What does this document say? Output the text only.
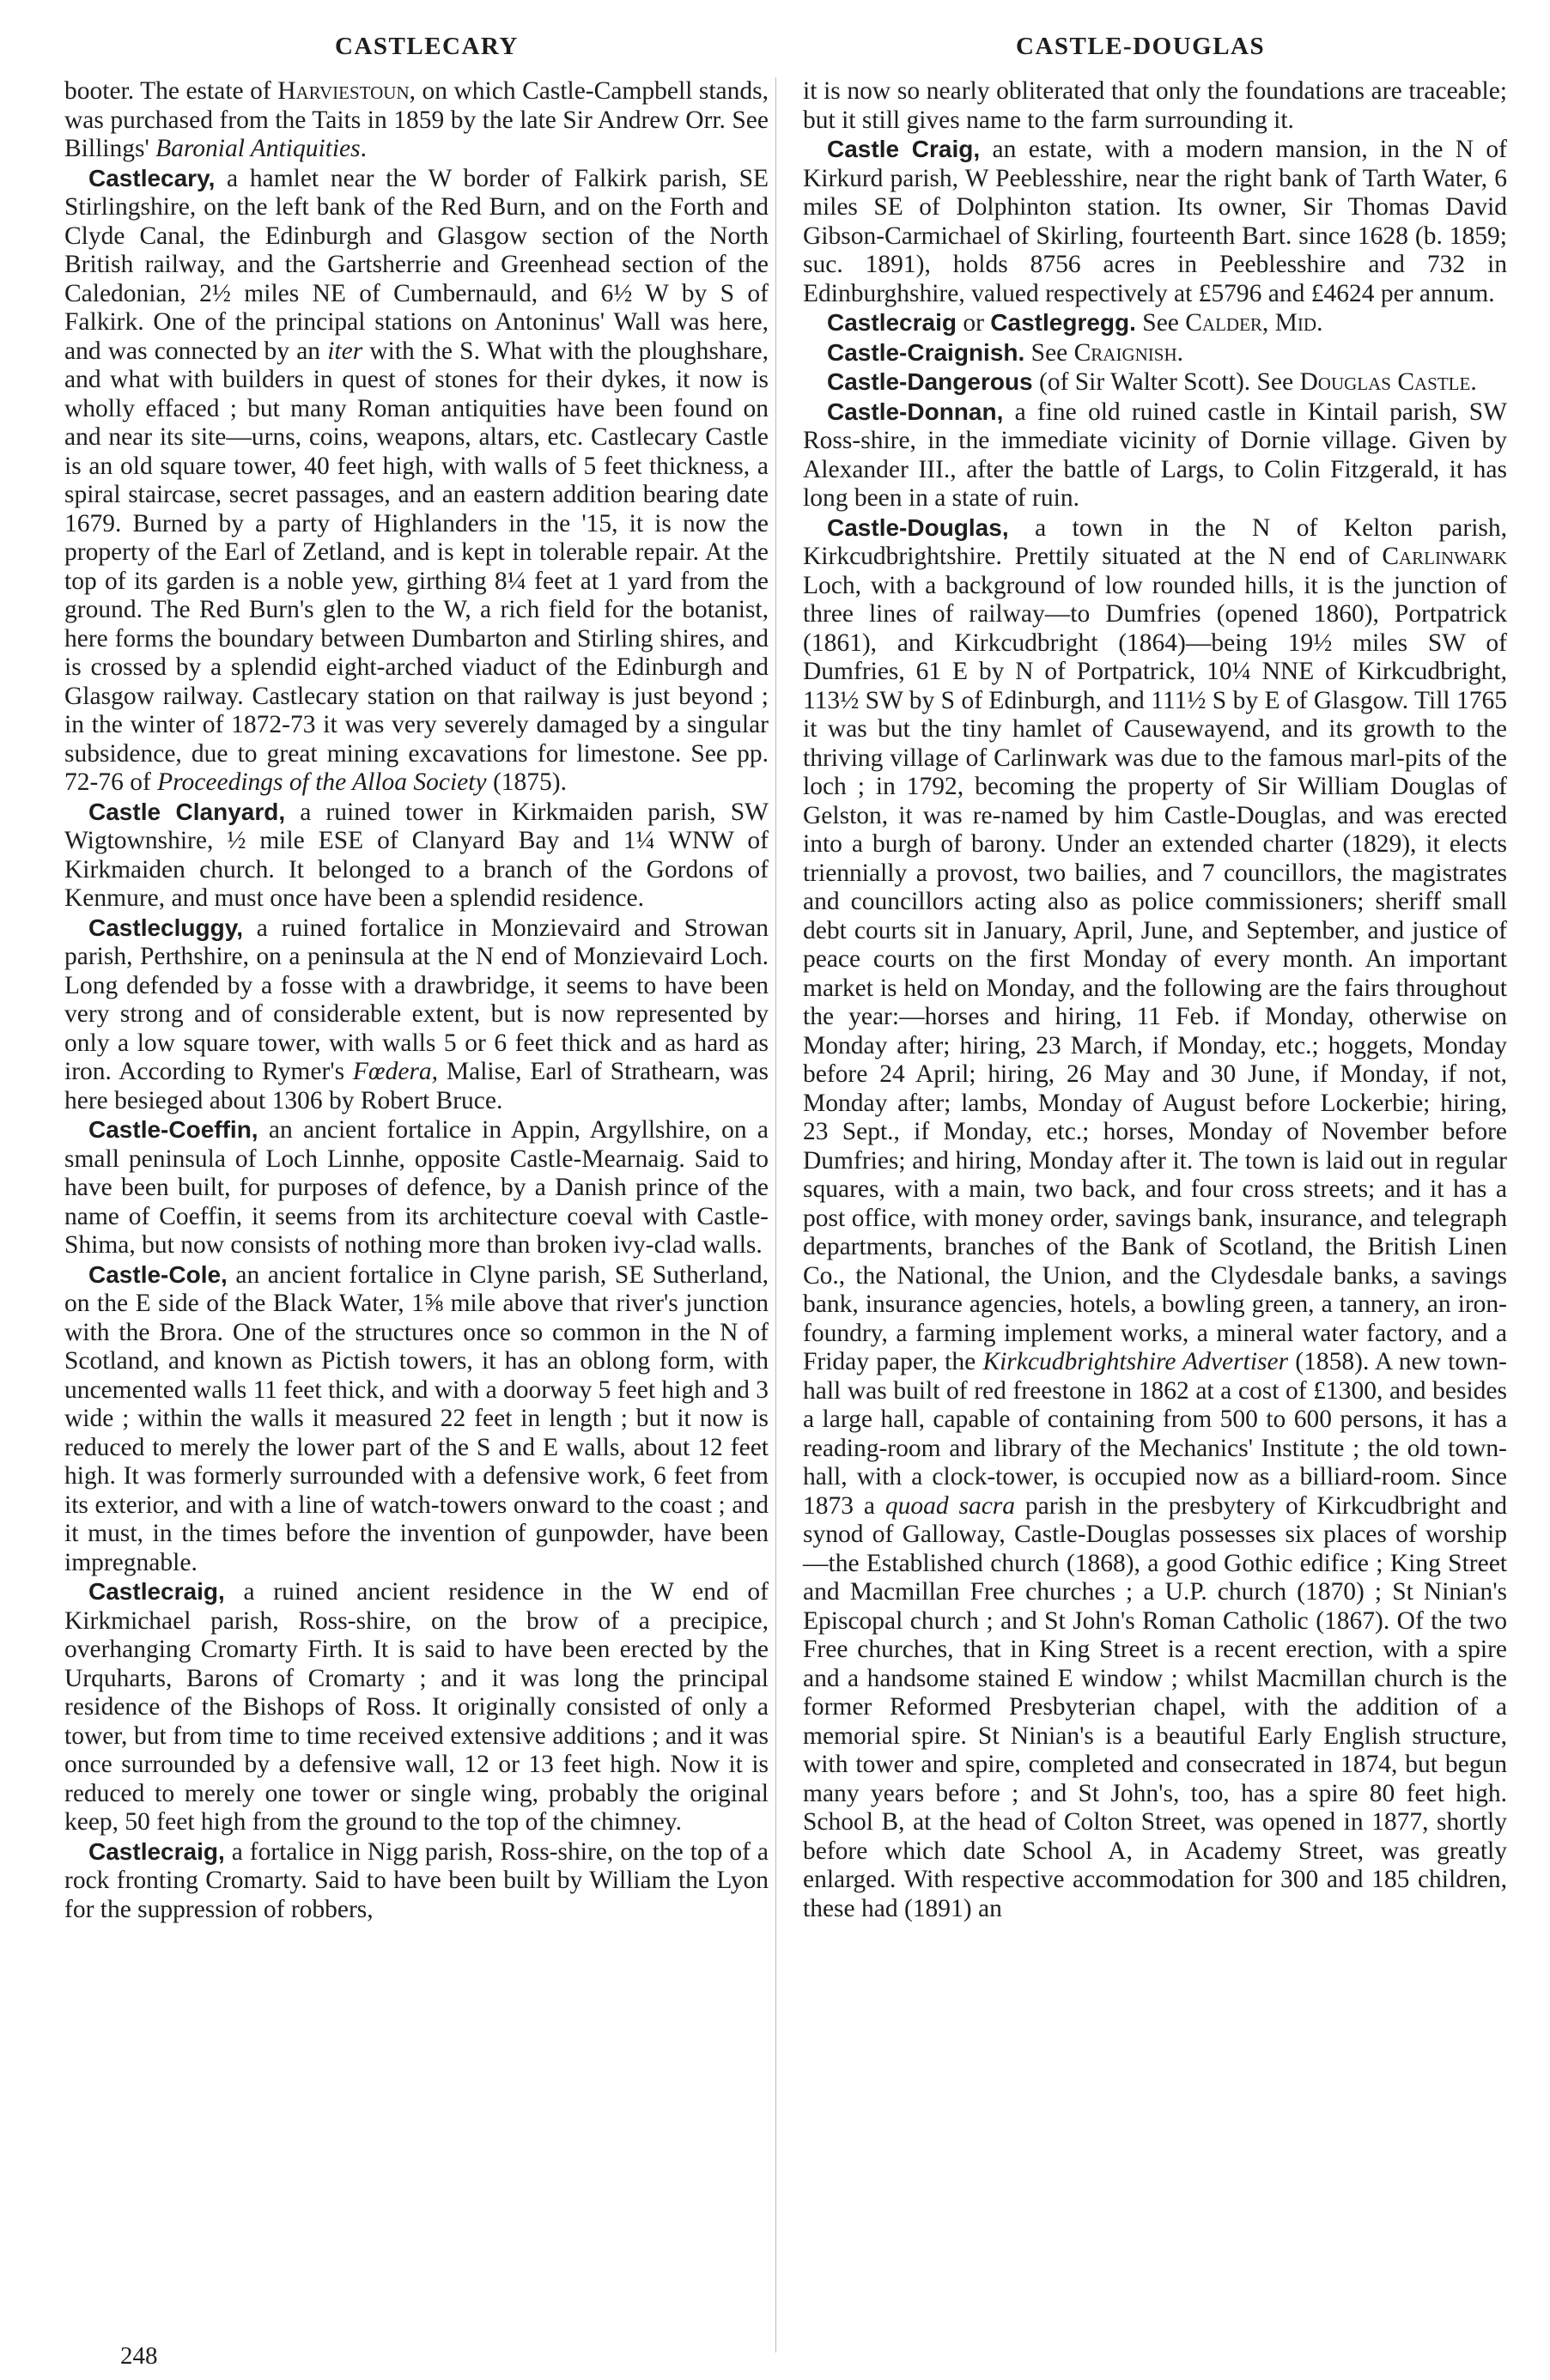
CASTLECARY	CASTLE-DOUGLAS

booter. The estate of Harviestoun, on which Castle-Campbell stands, was purchased from the Taits in 1859 by the late Sir Andrew Orr. See Billings' Baronial Antiquities.

Castlecary, a hamlet near the W border of Falkirk parish, SE Stirlingshire, on the left bank of the Red Burn, and on the Forth and Clyde Canal, the Edinburgh and Glasgow section of the North British railway, and the Gartsherrie and Greenhead section of the Caledonian, 2½ miles NE of Cumbernauld, and 6½ W by S of Falkirk. One of the principal stations on Antoninus' Wall was here, and was connected by an iter with the S. What with the ploughshare, and what with builders in quest of stones for their dykes, it now is wholly effaced ; but many Roman antiquities have been found on and near its site—urns, coins, weapons, altars, etc. Castlecary Castle is an old square tower, 40 feet high, with walls of 5 feet thickness, a spiral staircase, secret passages, and an eastern addition bearing date 1679. Burned by a party of Highlanders in the '15, it is now the property of the Earl of Zetland, and is kept in tolerable repair. At the top of its garden is a noble yew, girthing 8¼ feet at 1 yard from the ground. The Red Burn's glen to the W, a rich field for the botanist, here forms the boundary between Dumbarton and Stirling shires, and is crossed by a splendid eight-arched viaduct of the Edinburgh and Glasgow railway. Castlecary station on that railway is just beyond ; in the winter of 1872-73 it was very severely damaged by a singular subsidence, due to great mining excavations for limestone. See pp. 72-76 of Proceedings of the Alloa Society (1875).

Castle Clanyard, a ruined tower in Kirkmaiden parish, SW Wigtownshire, ½ mile ESE of Clanyard Bay and 1¼ WNW of Kirkmaiden church. It belonged to a branch of the Gordons of Kenmure, and must once have been a splendid residence.

Castlecluggy, a ruined fortalice in Monzievaird and Strowan parish, Perthshire, on a peninsula at the N end of Monzievaird Loch. Long defended by a fosse with a drawbridge, it seems to have been very strong and of considerable extent, but is now represented by only a low square tower, with walls 5 or 6 feet thick and as hard as iron. According to Rymer's Fœdera, Malise, Earl of Strathearn, was here besieged about 1306 by Robert Bruce.

Castle-Coeffin, an ancient fortalice in Appin, Argyllshire, on a small peninsula of Loch Linnhe, opposite Castle-Mearnaig. Said to have been built, for purposes of defence, by a Danish prince of the name of Coeffin, it seems from its architecture coeval with Castle-Shima, but now consists of nothing more than broken ivy-clad walls.

Castle-Cole, an ancient fortalice in Clyne parish, SE Sutherland, on the E side of the Black Water, 1⅝ mile above that river's junction with the Brora. One of the structures once so common in the N of Scotland, and known as Pictish towers, it has an oblong form, with uncemented walls 11 feet thick, and with a doorway 5 feet high and 3 wide ; within the walls it measured 22 feet in length ; but it now is reduced to merely the lower part of the S and E walls, about 12 feet high. It was formerly surrounded with a defensive work, 6 feet from its exterior, and with a line of watch-towers onward to the coast ; and it must, in the times before the invention of gunpowder, have been impregnable.

Castlecraig, a ruined ancient residence in the W end of Kirkmichael parish, Ross-shire, on the brow of a precipice, overhanging Cromarty Firth. It is said to have been erected by the Urquharts, Barons of Cromarty ; and it was long the principal residence of the Bishops of Ross. It originally consisted of only a tower, but from time to time received extensive additions ; and it was once surrounded by a defensive wall, 12 or 13 feet high. Now it is reduced to merely one tower or single wing, probably the original keep, 50 feet high from the ground to the top of the chimney.

Castlecraig, a fortalice in Nigg parish, Ross-shire, on the top of a rock fronting Cromarty. Said to have been built by William the Lyon for the suppression of robbers,

it is now so nearly obliterated that only the foundations are traceable; but it still gives name to the farm surrounding it.

Castle Craig, an estate, with a modern mansion, in the N of Kirkurd parish, W Peeblesshire, near the right bank of Tarth Water, 6 miles SE of Dolphinton station. Its owner, Sir Thomas David Gibson-Carmichael of Skirling, fourteenth Bart. since 1628 (b. 1859; suc. 1891), holds 8756 acres in Peeblesshire and 732 in Edinburghshire, valued respectively at £5796 and £4624 per annum.

Castlecraig or Castlegregg. See Calder, Mid.

Castle-Craignish. See Craignish.

Castle-Dangerous (of Sir Walter Scott). See Douglas Castle.

Castle-Donnan, a fine old ruined castle in Kintail parish, SW Ross-shire, in the immediate vicinity of Dornie village. Given by Alexander III., after the battle of Largs, to Colin Fitzgerald, it has long been in a state of ruin.

Castle-Douglas, a town in the N of Kelton parish, Kirkcudbrightshire. Prettily situated at the N end of Carlinwark Loch, with a background of low rounded hills, it is the junction of three lines of railway—to Dumfries (opened 1860), Portpatrick (1861), and Kirkcudbright (1864)—being 19½ miles SW of Dumfries, 61 E by N of Portpatrick, 10¼ NNE of Kirkcudbright, 113½ SW by S of Edinburgh, and 111½ S by E of Glasgow. Till 1765 it was but the tiny hamlet of Causewayend, and its growth to the thriving village of Carlinwark was due to the famous marl-pits of the loch ; in 1792, becoming the property of Sir William Douglas of Gelston, it was re-named by him Castle-Douglas, and was erected into a burgh of barony. Under an extended charter (1829), it elects triennially a provost, two bailies, and 7 councillors, the magistrates and councillors acting also as police commissioners; sheriff small debt courts sit in January, April, June, and September, and justice of peace courts on the first Monday of every month. An important market is held on Monday, and the following are the fairs throughout the year:—horses and hiring, 11 Feb. if Monday, otherwise on Monday after; hiring, 23 March, if Monday, etc.; hoggets, Monday before 24 April; hiring, 26 May and 30 June, if Monday, if not, Monday after; lambs, Monday of August before Lockerbie; hiring, 23 Sept., if Monday, etc.; horses, Monday of November before Dumfries; and hiring, Monday after it. The town is laid out in regular squares, with a main, two back, and four cross streets; and it has a post office, with money order, savings bank, insurance, and telegraph departments, branches of the Bank of Scotland, the British Linen Co., the National, the Union, and the Clydesdale banks, a savings bank, insurance agencies, hotels, a bowling green, a tannery, an iron-foundry, a farming implement works, a mineral water factory, and a Friday paper, the Kirkcudbrightshire Advertiser (1858). A new town-hall was built of red freestone in 1862 at a cost of £1300, and besides a large hall, capable of containing from 500 to 600 persons, it has a reading-room and library of the Mechanics' Institute ; the old town-hall, with a clock-tower, is occupied now as a billiard-room. Since 1873 a quoad sacra parish in the presbytery of Kirkcudbright and synod of Galloway, Castle-Douglas possesses six places of worship—the Established church (1868), a good Gothic edifice ; King Street and Macmillan Free churches ; a U.P. church (1870) ; St Ninian's Episcopal church ; and St John's Roman Catholic (1867). Of the two Free churches, that in King Street is a recent erection, with a spire and a handsome stained E window ; whilst Macmillan church is the former Reformed Presbyterian chapel, with the addition of a memorial spire. St Ninian's is a beautiful Early English structure, with tower and spire, completed and consecrated in 1874, but begun many years before ; and St John's, too, has a spire 80 feet high. School B, at the head of Colton Street, was opened in 1877, shortly before which date School A, in Academy Street, was greatly enlarged. With respective accommodation for 300 and 185 children, these had (1891) an

248
